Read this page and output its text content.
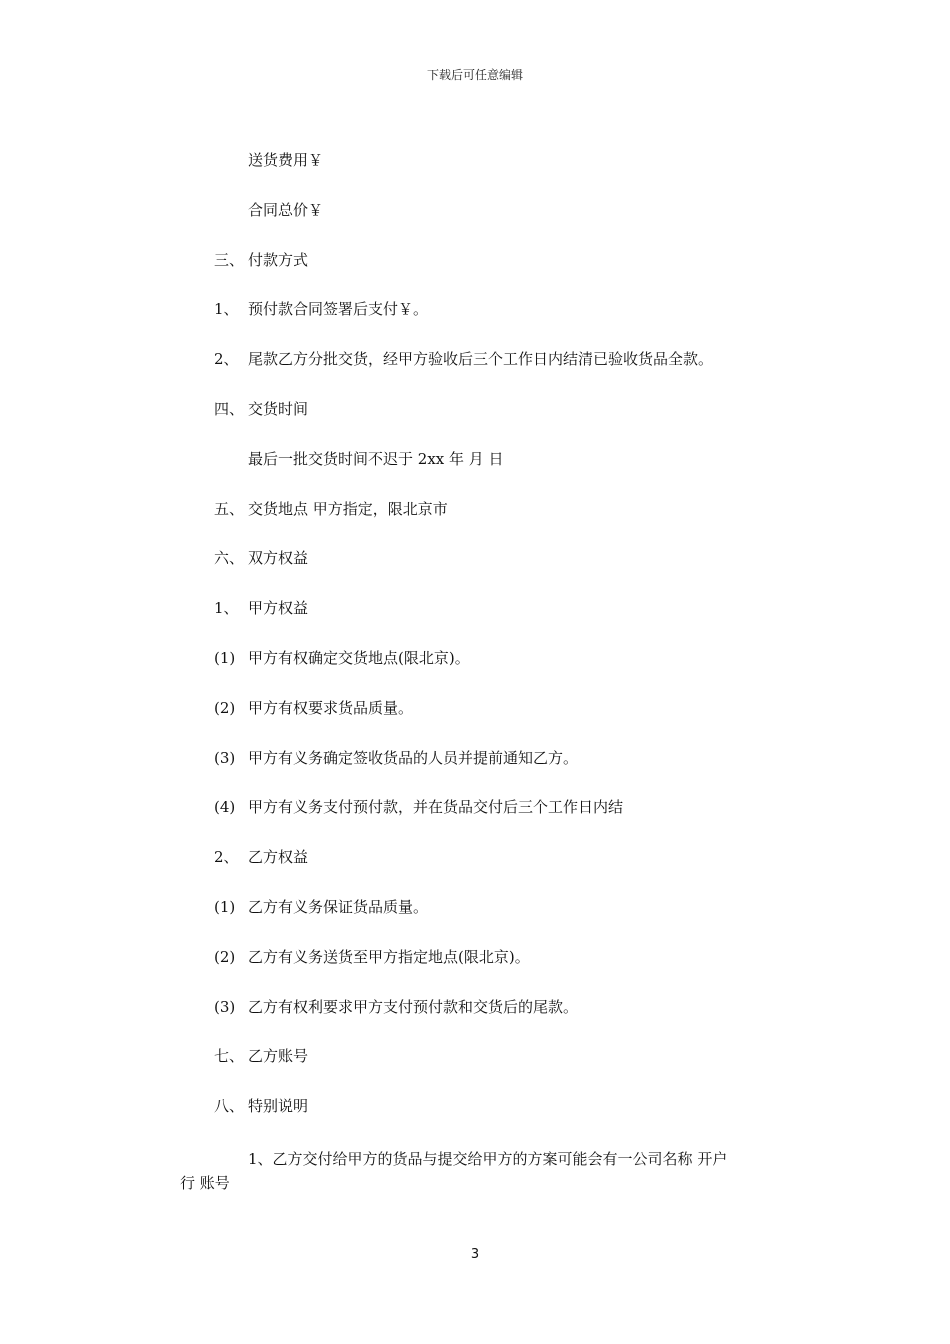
下载后可任意编辑
送货费用￥
合同总价￥
三、 付款方式
1、 预付款合同签署后支付￥。
2、 尾款乙方分批交货，经甲方验收后三个工作日内结清已验收货品全款。
四、 交货时间
最后一批交货时间不迟于 2xx 年 月 日
五、 交货地点 甲方指定，限北京市
六、 双方权益
1、 甲方权益
(1) 甲方有权确定交货地点(限北京)。
(2) 甲方有权要求货品质量。
(3) 甲方有义务确定签收货品的人员并提前通知乙方。
(4) 甲方有义务支付预付款，并在货品交付后三个工作日内结
2、 乙方权益
(1) 乙方有义务保证货品质量。
(2) 乙方有义务送货至甲方指定地点(限北京)。
(3) 乙方有权利要求甲方支付预付款和交货后的尾款。
七、 乙方账号
八、 特别说明
1、乙方交付给甲方的货品与提交给甲方的方案可能会有一公司名称 开户
行 账号
3
